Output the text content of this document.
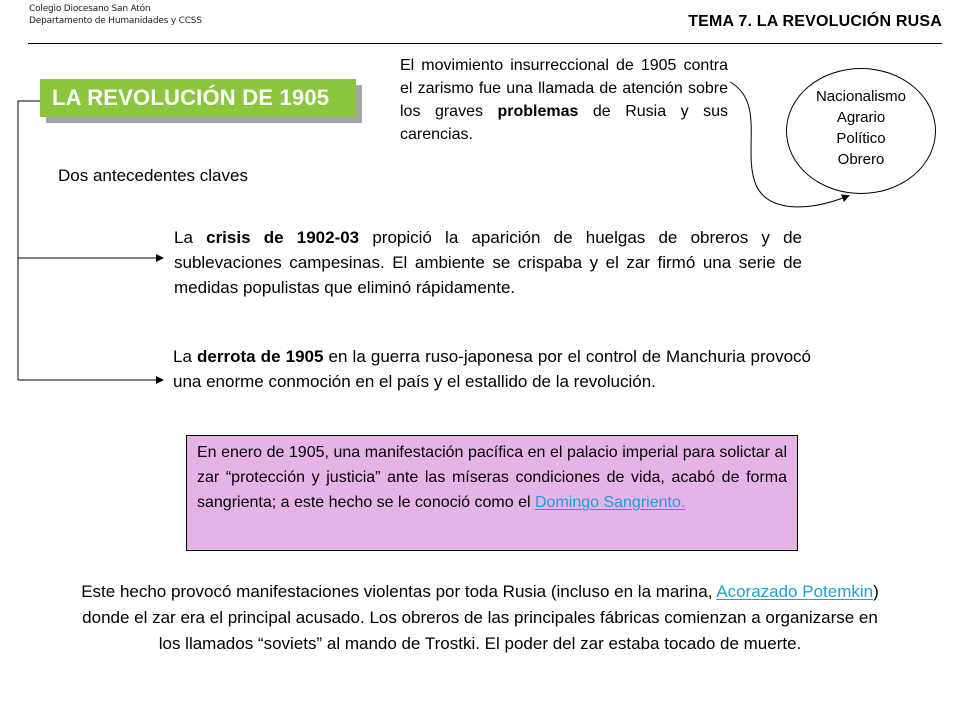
Colegio Diocesano San Atón
Departamento de Humanidades y CCSS	TEMA 7. LA REVOLUCIÓN RUSA
LA REVOLUCIÓN DE 1905
El movimiento insurreccional de 1905 contra el zarismo fue una llamada de atención sobre los graves problemas de Rusia y sus carencias.
Nacionalismo
Agrario
Político
Obrero
Dos antecedentes claves
La crisis de 1902-03 propició la aparición de huelgas de obreros y de sublevaciones campesinas. El ambiente se crispaba y el zar firmó una serie de medidas populistas que eliminó rápidamente.
La derrota de 1905 en la guerra ruso-japonesa por el control de Manchuria provocó una enorme conmoción en el país y el estallido de la revolución.
En enero de 1905, una manifestación pacífica en el palacio imperial para solictar al zar “protección y justicia” ante las míseras condiciones de vida, acabó de forma sangrienta; a este hecho se le conoció como el Domingo Sangriento.
Este hecho provocó manifestaciones violentas por toda Rusia (incluso en la marina, Acorazado Potemkin) donde el zar era el principal acusado. Los obreros de las principales fábricas comienzan a organizarse en los llamados “soviets” al mando de Trostki. El poder del zar estaba tocado de muerte.
